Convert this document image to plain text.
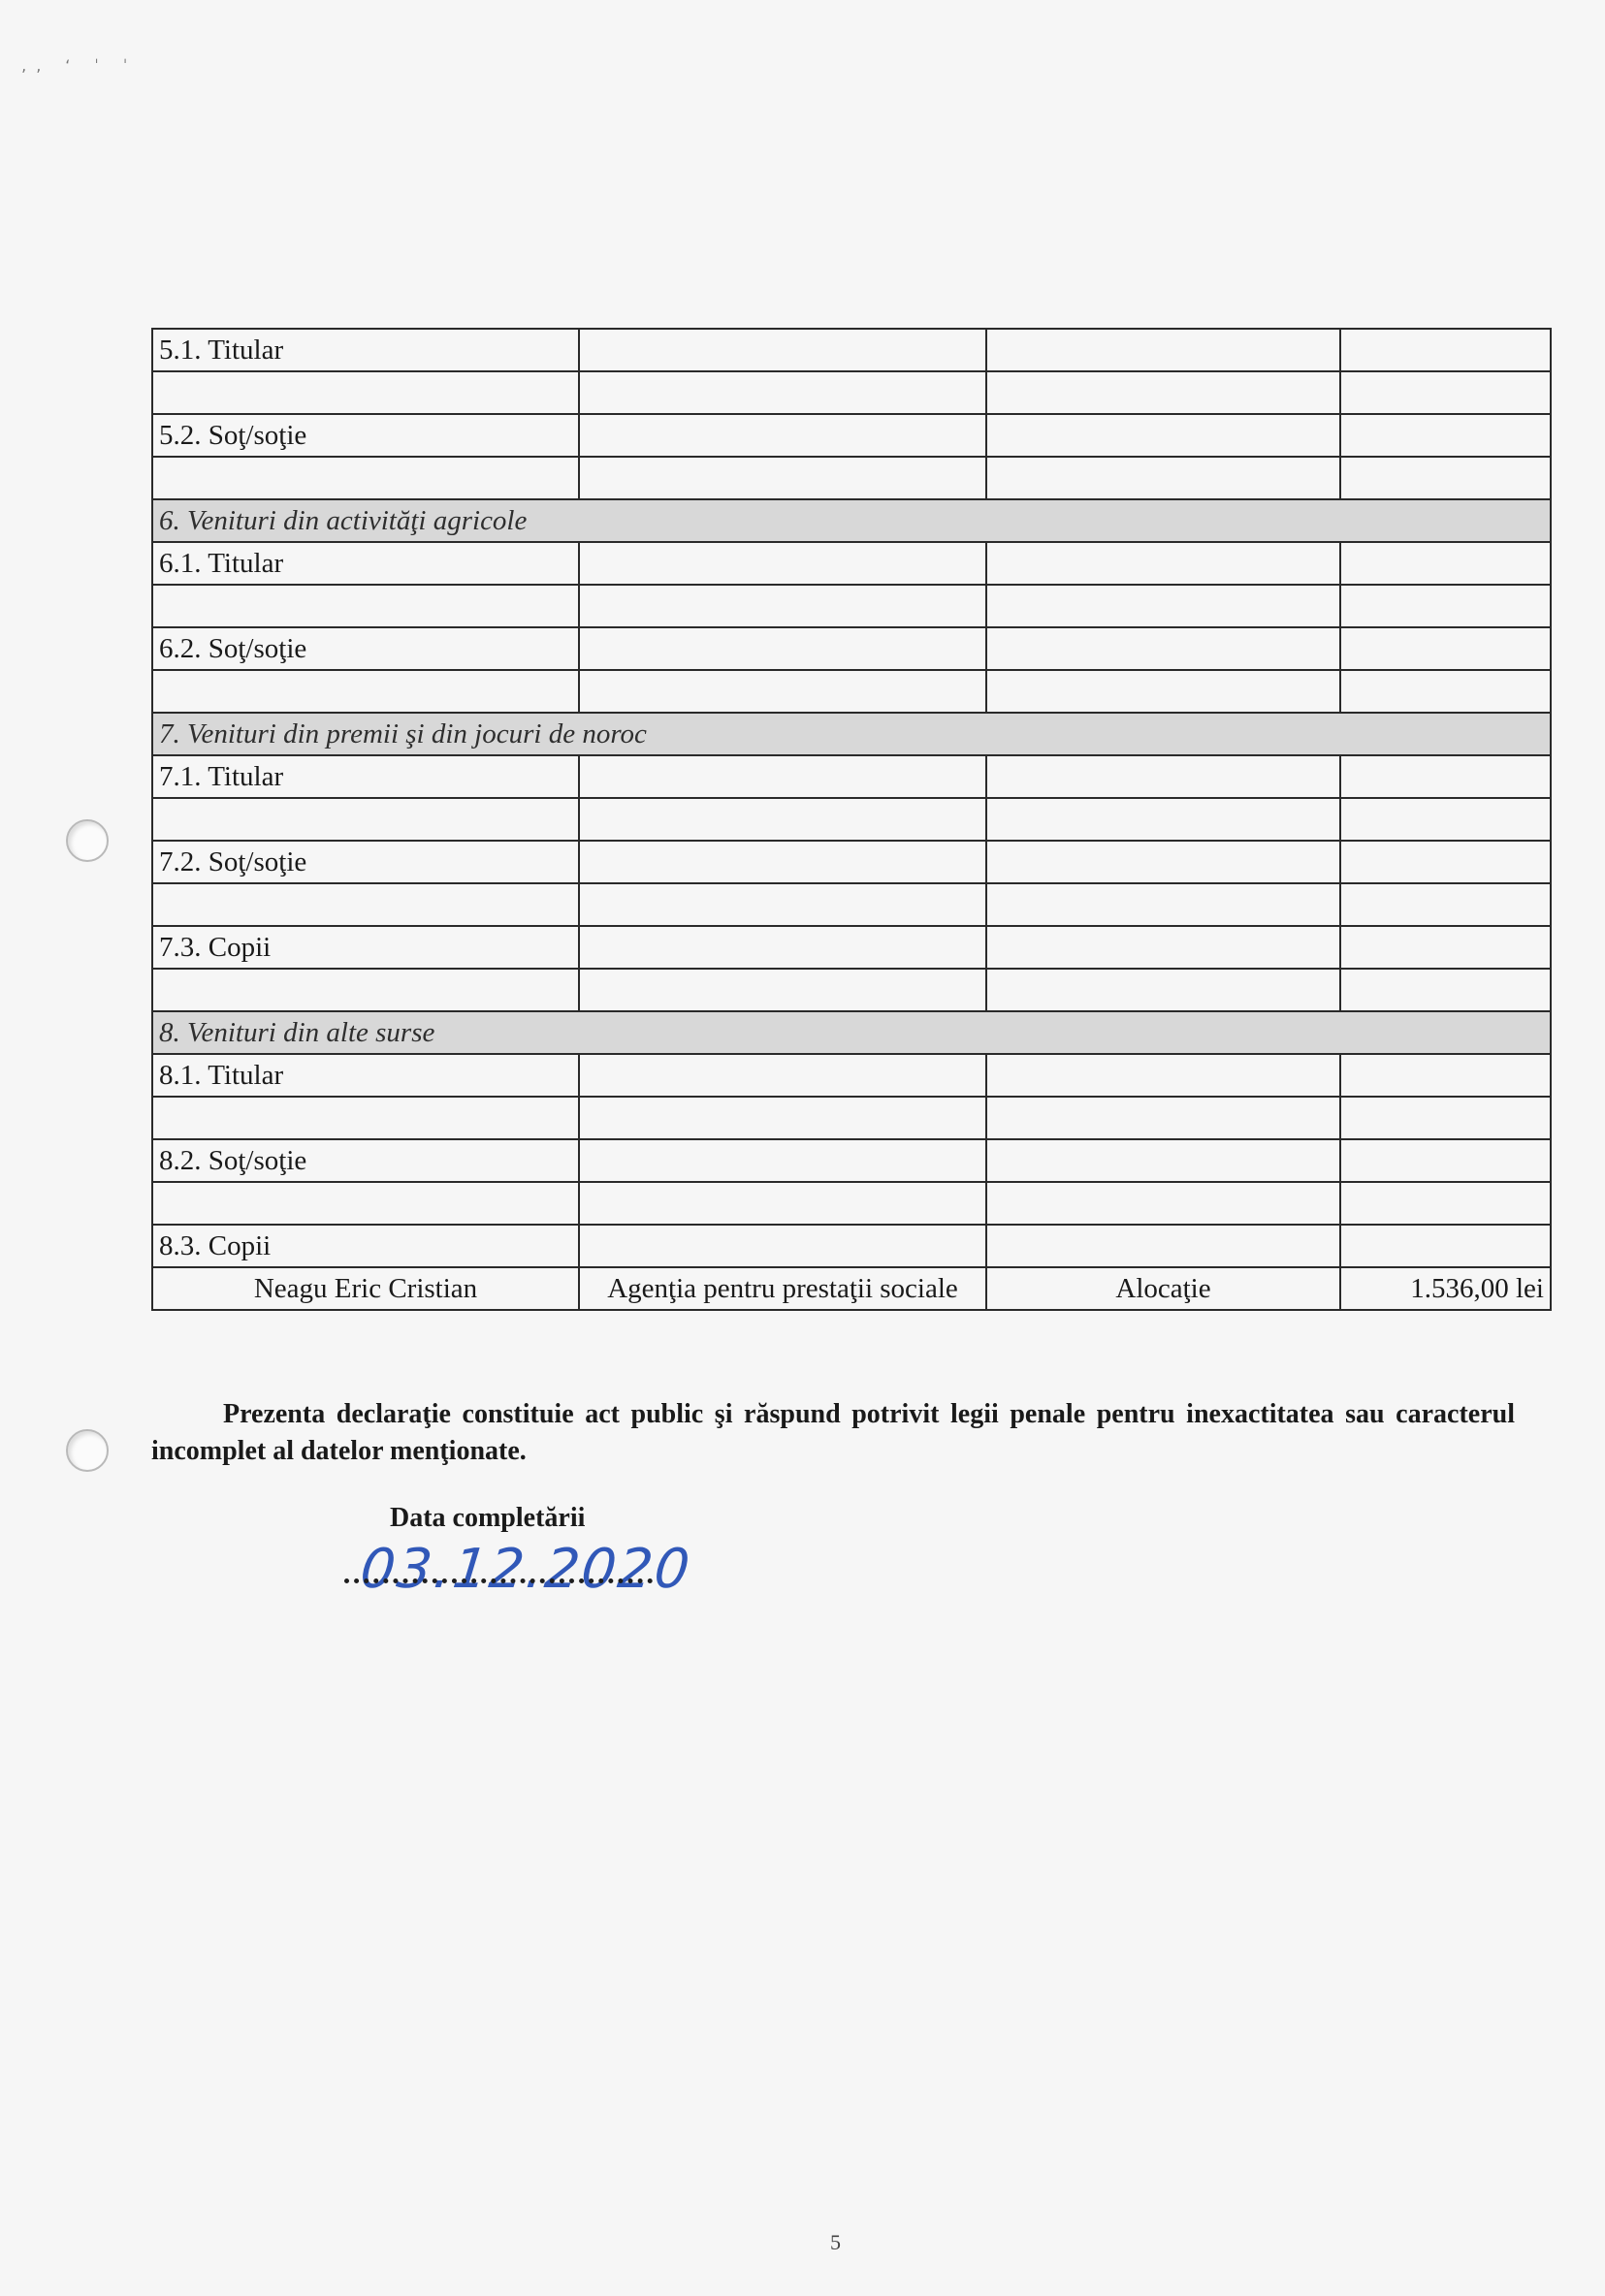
‚‚ ‘ ˈ ˈ
5.1. Titular			

5.2. Soţ/soţie			

6. Venituri din activităţi agricole			
6.1. Titular			

6.2. Soţ/soţie			

7. Venituri din premii şi din jocuri de noroc			
7.1. Titular			

7.2. Soţ/soţie			

7.3. Copii			

8. Venituri din alte surse			
8.1. Titular			

8.2. Soţ/soţie			

8.3. Copii			
Neagu Eric Cristian	Agenţia pentru prestaţii sociale	Alocaţie	1.536,00 lei
Prezenta declaraţie constituie act public şi răspund potrivit legii penale pentru inexactitatea sau caracterul incomplet al datelor menţionate.
Data completării
03.12.2020
5
